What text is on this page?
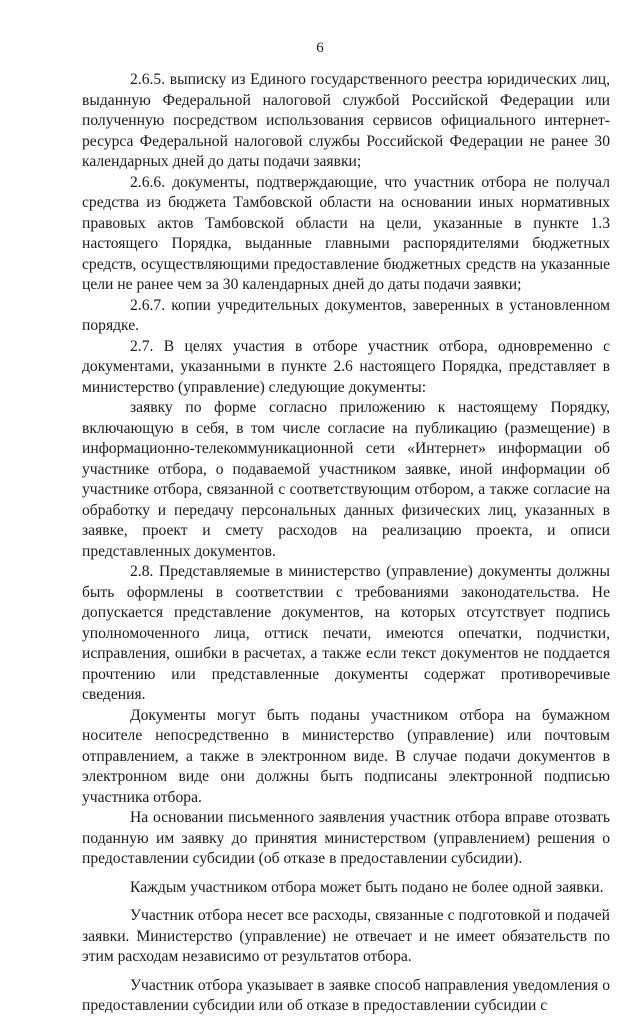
6

2.6.5. выписку из Единого государственного реестра юридических лиц, выданную Федеральной налоговой службой Российской Федерации или полученную посредством использования сервисов официального интернет-ресурса Федеральной налоговой службы Российской Федерации не ранее 30 календарных дней до даты подачи заявки;

2.6.6. документы, подтверждающие, что участник отбора не получал средства из бюджета Тамбовской области на основании иных нормативных правовых актов Тамбовской области на цели, указанные в пункте 1.3 настоящего Порядка, выданные главными распорядителями бюджетных средств, осуществляющими предоставление бюджетных средств на указанные цели не ранее чем за 30 календарных дней до даты подачи заявки;

2.6.7. копии учредительных документов, заверенных в установленном порядке.

2.7. В целях участия в отборе участник отбора, одновременно с документами, указанными в пункте 2.6 настоящего Порядка, представляет в министерство (управление) следующие документы:

заявку по форме согласно приложению к настоящему Порядку, включающую в себя, в том числе согласие на публикацию (размещение) в информационно-телекоммуникационной сети «Интернет» информации об участнике отбора, о подаваемой участником заявке, иной информации об участнике отбора, связанной с соответствующим отбором, а также согласие на обработку и передачу персональных данных физических лиц, указанных в заявке, проект и смету расходов на реализацию проекта, и описи представленных документов.

2.8. Представляемые в министерство (управление) документы должны быть оформлены в соответствии с требованиями законодательства. Не допускается представление документов, на которых отсутствует подпись уполномоченного лица, оттиск печати, имеются опечатки, подчистки, исправления, ошибки в расчетах, а также если текст документов не поддается прочтению или представленные документы содержат противоречивые сведения.

Документы могут быть поданы участником отбора на бумажном носителе непосредственно в министерство (управление) или почтовым отправлением, а также в электронном виде. В случае подачи документов в электронном виде они должны быть подписаны электронной подписью участника отбора.

На основании письменного заявления участник отбора вправе отозвать поданную им заявку до принятия министерством (управлением) решения о предоставлении субсидии (об отказе в предоставлении субсидии).

Каждым участником отбора может быть подано не более одной заявки.

Участник отбора несет все расходы, связанные с подготовкой и подачей заявки. Министерство (управление) не отвечает и не имеет обязательств по этим расходам независимо от результатов отбора.

Участник отбора указывает в заявке способ направления уведомления о предоставлении субсидии или об отказе в предоставлении субсидии с
